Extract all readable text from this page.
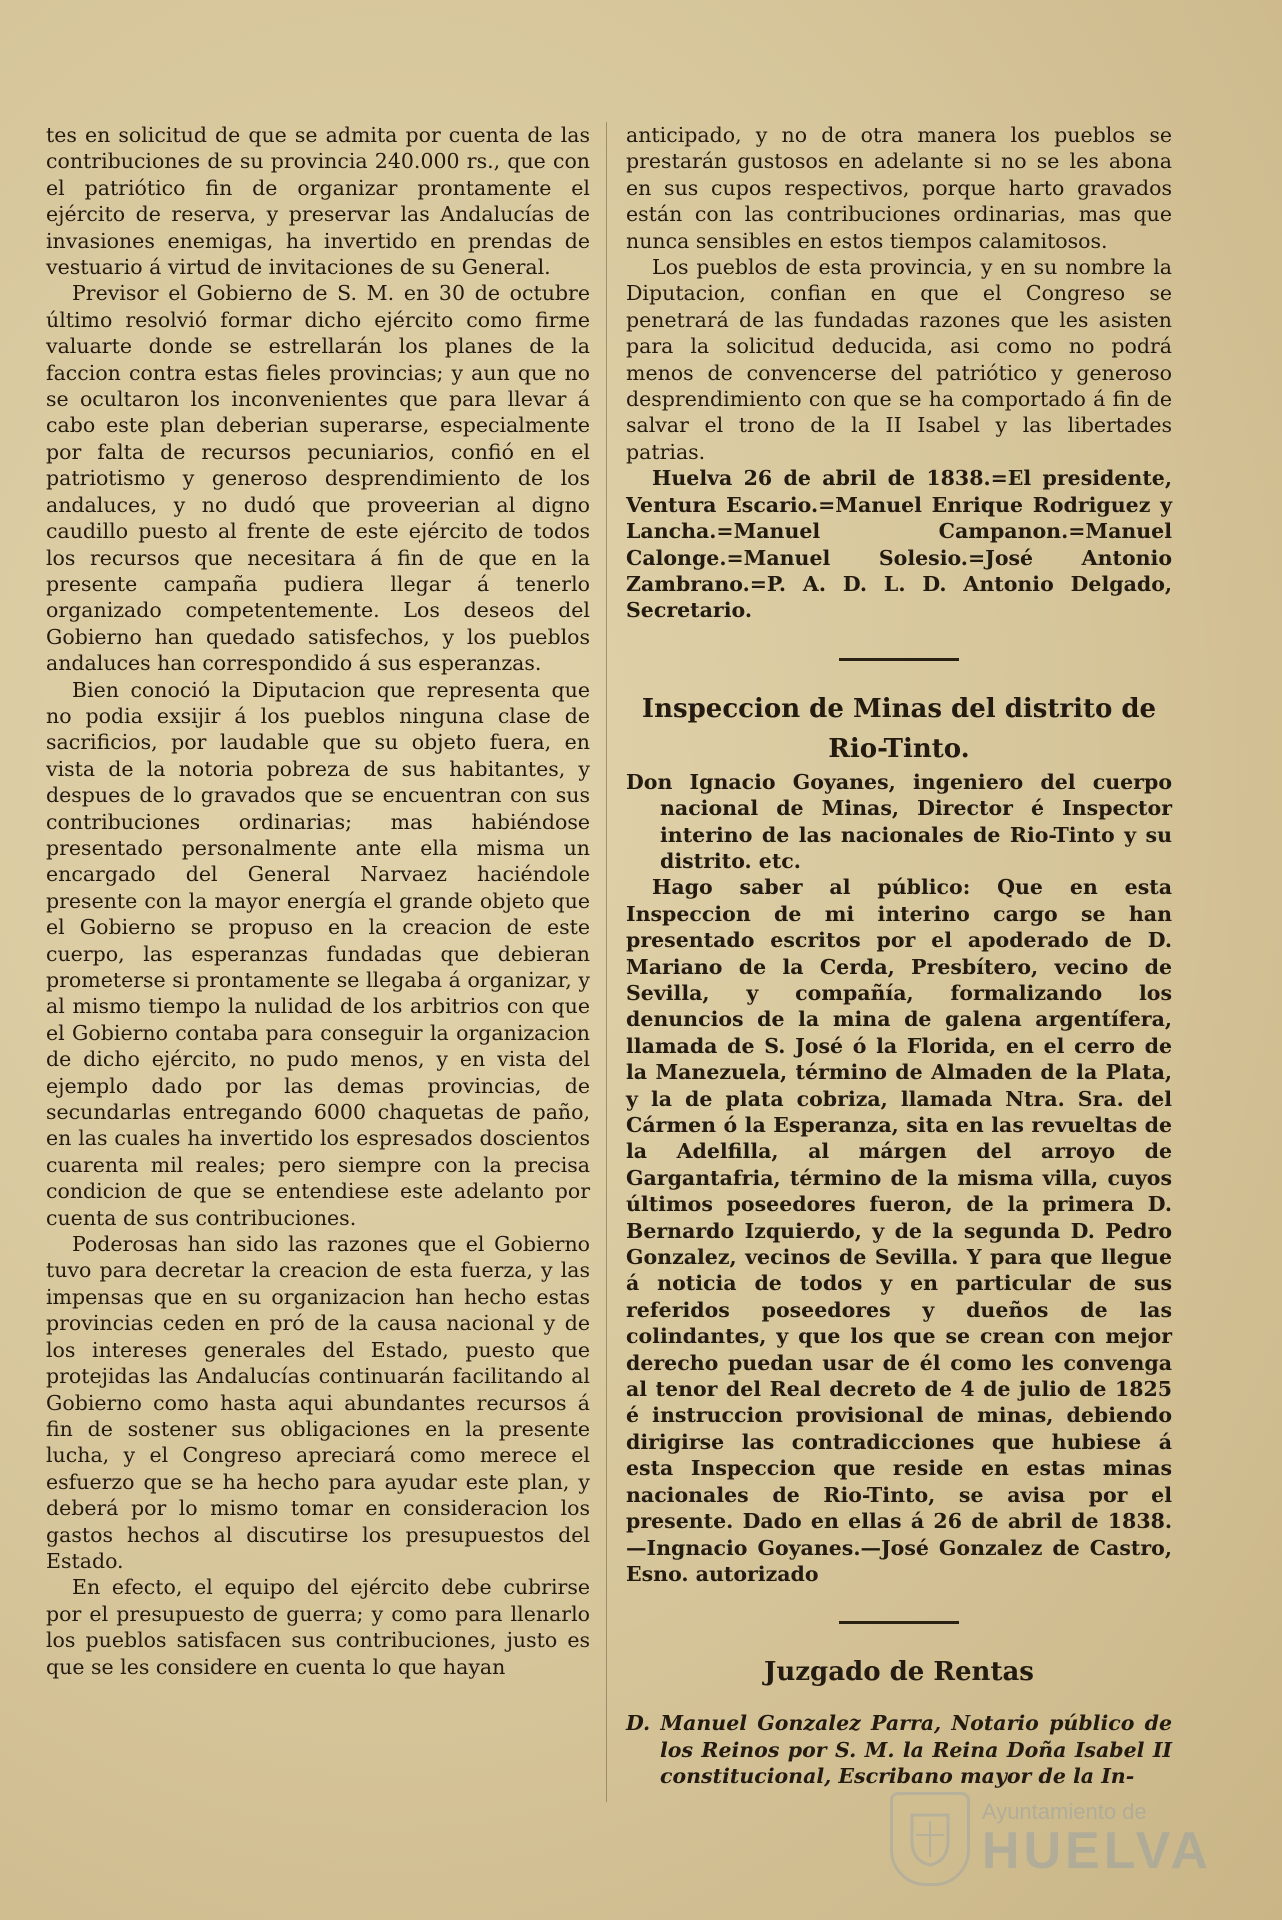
tes en solicitud de que se admita por cuenta de las contribuciones de su provincia 240.000 rs., que con el patriótico fin de organizar prontamente el ejército de reserva, y preservar las Andalucías de invasiones enemigas, ha invertido en prendas de vestuario á virtud de invitaciones de su General.

Previsor el Gobierno de S. M. en 30 de octubre último resolvió formar dicho ejército como firme valuarte donde se estrellarán los planes de la faccion contra estas fieles provincias; y aun que no se ocultaron los inconvenientes que para llevar á cabo este plan deberian superarse, especialmente por falta de recursos pecuniarios, confió en el patriotismo y generoso desprendimiento de los andaluces, y no dudó que proveerian al digno caudillo puesto al frente de este ejército de todos los recursos que necesitara á fin de que en la presente campaña pudiera llegar á tenerlo organizado competentemente. Los deseos del Gobierno han quedado satisfechos, y los pueblos andaluces han correspondido á sus esperanzas.

Bien conoció la Diputacion que representa que no podia exsijir á los pueblos ninguna clase de sacrificios, por laudable que su objeto fuera, en vista de la notoria pobreza de sus habitantes, y despues de lo gravados que se encuentran con sus contribuciones ordinarias; mas habiéndose presentado personalmente ante ella misma un encargado del General Narvaez haciéndole presente con la mayor energía el grande objeto que el Gobierno se propuso en la creacion de este cuerpo, las esperanzas fundadas que debieran prometerse si prontamente se llegaba á organizar, y al mismo tiempo la nulidad de los arbitrios con que el Gobierno contaba para conseguir la organizacion de dicho ejército, no pudo menos, y en vista del ejemplo dado por las demas provincias, de secundarlas entregando 6000 chaquetas de paño, en las cuales ha invertido los espresados doscientos cuarenta mil reales; pero siempre con la precisa condicion de que se entendiese este adelanto por cuenta de sus contribuciones.

Poderosas han sido las razones que el Gobierno tuvo para decretar la creacion de esta fuerza, y las impensas que en su organizacion han hecho estas provincias ceden en pró de la causa nacional y de los intereses generales del Estado, puesto que protejidas las Andalucías continuarán facilitando al Gobierno como hasta aqui abundantes recursos á fin de sostener sus obligaciones en la presente lucha, y el Congreso apreciará como merece el esfuerzo que se ha hecho para ayudar este plan, y deberá por lo mismo tomar en consideracion los gastos hechos al discutirse los presupuestos del Estado.

En efecto, el equipo del ejército debe cubrirse por el presupuesto de guerra; y como para llenarlo los pueblos satisfacen sus contribuciones, justo es que se les considere en cuenta lo que hayan

anticipado, y no de otra manera los pueblos se prestarán gustosos en adelante si no se les abona en sus cupos respectivos, porque harto gravados están con las contribuciones ordinarias, mas que nunca sensibles en estos tiempos calamitosos.

Los pueblos de esta provincia, y en su nombre la Diputacion, confian en que el Congreso se penetrará de las fundadas razones que les asisten para la solicitud deducida, asi como no podrá menos de convencerse del patriótico y generoso desprendimiento con que se ha comportado á fin de salvar el trono de la II Isabel y las libertades patrias.

Huelva 26 de abril de 1838.=El presidente, Ventura Escario.=Manuel Enrique Rodriguez y Lancha.=Manuel Campanon.=Manuel Calonge.=Manuel Solesio.=José Antonio Zambrano.=P. A. D. L. D. Antonio Delgado, Secretario.

Inspeccion de Minas del distrito de
Rio-Tinto.

Don Ignacio Goyanes, ingeniero del cuerpo nacional de Minas, Director é Inspector interino de las nacionales de Rio-Tinto y su distrito. etc.

Hago saber al público: Que en esta Inspeccion de mi interino cargo se han presentado escritos por el apoderado de D. Mariano de la Cerda, Presbítero, vecino de Sevilla, y compañía, formalizando los denuncios de la mina de galena argentífera, llamada de S. José ó la Florida, en el cerro de la Manezuela, término de Almaden de la Plata, y la de plata cobriza, llamada Ntra. Sra. del Cármen ó la Esperanza, sita en las revueltas de la Adelfilla, al márgen del arroyo de Gargantafria, término de la misma villa, cuyos últimos poseedores fueron, de la primera D. Bernardo Izquierdo, y de la segunda D. Pedro Gonzalez, vecinos de Sevilla. Y para que llegue á noticia de todos y en particular de sus referidos poseedores y dueños de las colindantes, y que los que se crean con mejor derecho puedan usar de él como les convenga al tenor del Real decreto de 4 de julio de 1825 é instruccion provisional de minas, debiendo dirigirse las contradicciones que hubiese á esta Inspeccion que reside en estas minas nacionales de Rio-Tinto, se avisa por el presente. Dado en ellas á 26 de abril de 1838.—Ingnacio Goyanes.—José Gonzalez de Castro, Esno. autorizado

Juzgado de Rentas

D. Manuel Gonzalez Parra, Notario público de los Reinos por S. M. la Reina Doña Isabel II constitucional, Escribano mayor de la In-

Ayuntamiento de
HUELVA
